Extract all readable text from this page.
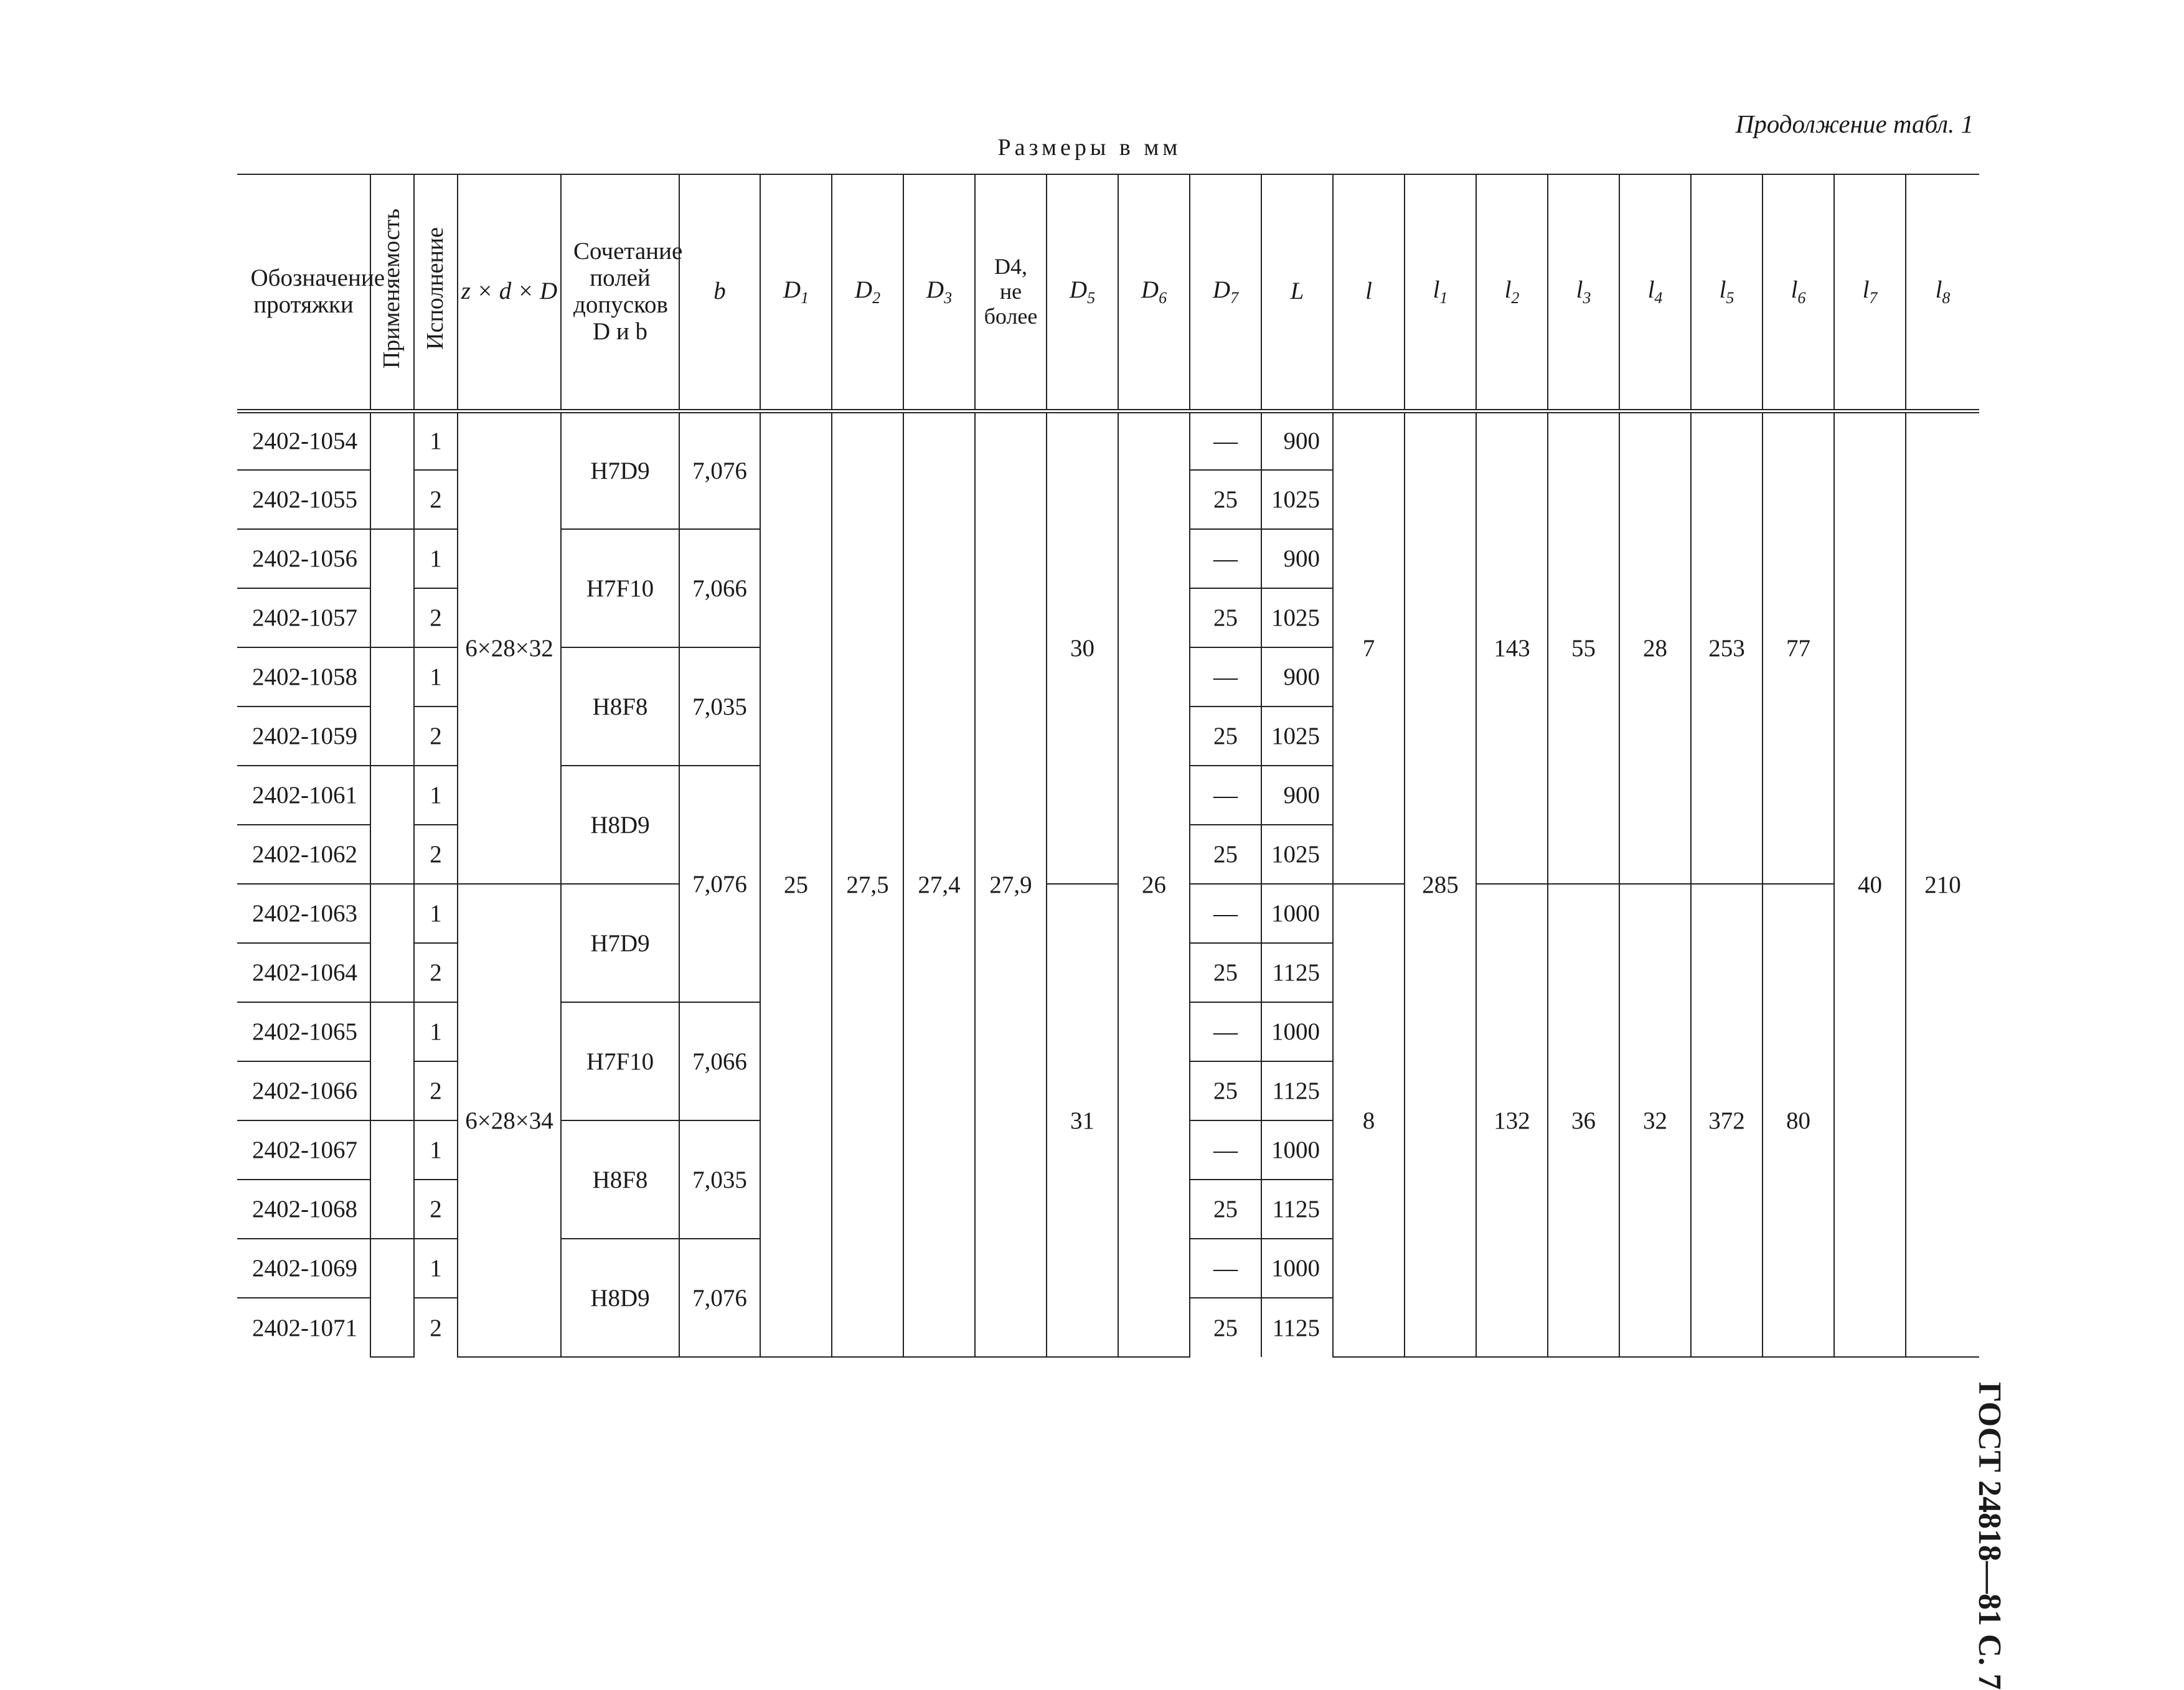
Продолжение табл. 1
Размеры в мм
ГОСТ 24818—81 С. 7
Обозначение протяжки	Применяемость	Исполнение	z × d × D	Сочетание полей допусков D и b	b	$D_1$	$D_2$	$D_3$	D4, не более	$D_5$	$D_6$	$D_7$	L	l	$l_1$	$l_2$	$l_3$	$l_4$	$l_5$	$l_6$	$l_7$	$l_8$
2402-1054		1	6×28×32	H7D9	7,076	25	27,5	27,4	27,9	30	26	—	900	7	285	143	55	28	253	77	40	210
2402-1055		2										25	1025									
2402-1056		1		H7F10	7,066							—	900									
2402-1057		2										25	1025									
2402-1058		1		H8F8	7,035							—	900									
2402-1059		2										25	1025									
2402-1061		1		H8D9	7,076							—	900									
2402-1062		2										25	1025									
2402-1063		1	6×28×34	H7D9						31		—	1000	8		132	36	32	372	80		
2402-1064		2										25	1125									
2402-1065		1		H7F10	7,066							—	1000									
2402-1066		2										25	1125									
2402-1067		1		H8F8	7,035							—	1000									
2402-1068		2										25	1125									
2402-1069		1		H8D9	7,076							—	1000									
2402-1071		2										25	1125									
